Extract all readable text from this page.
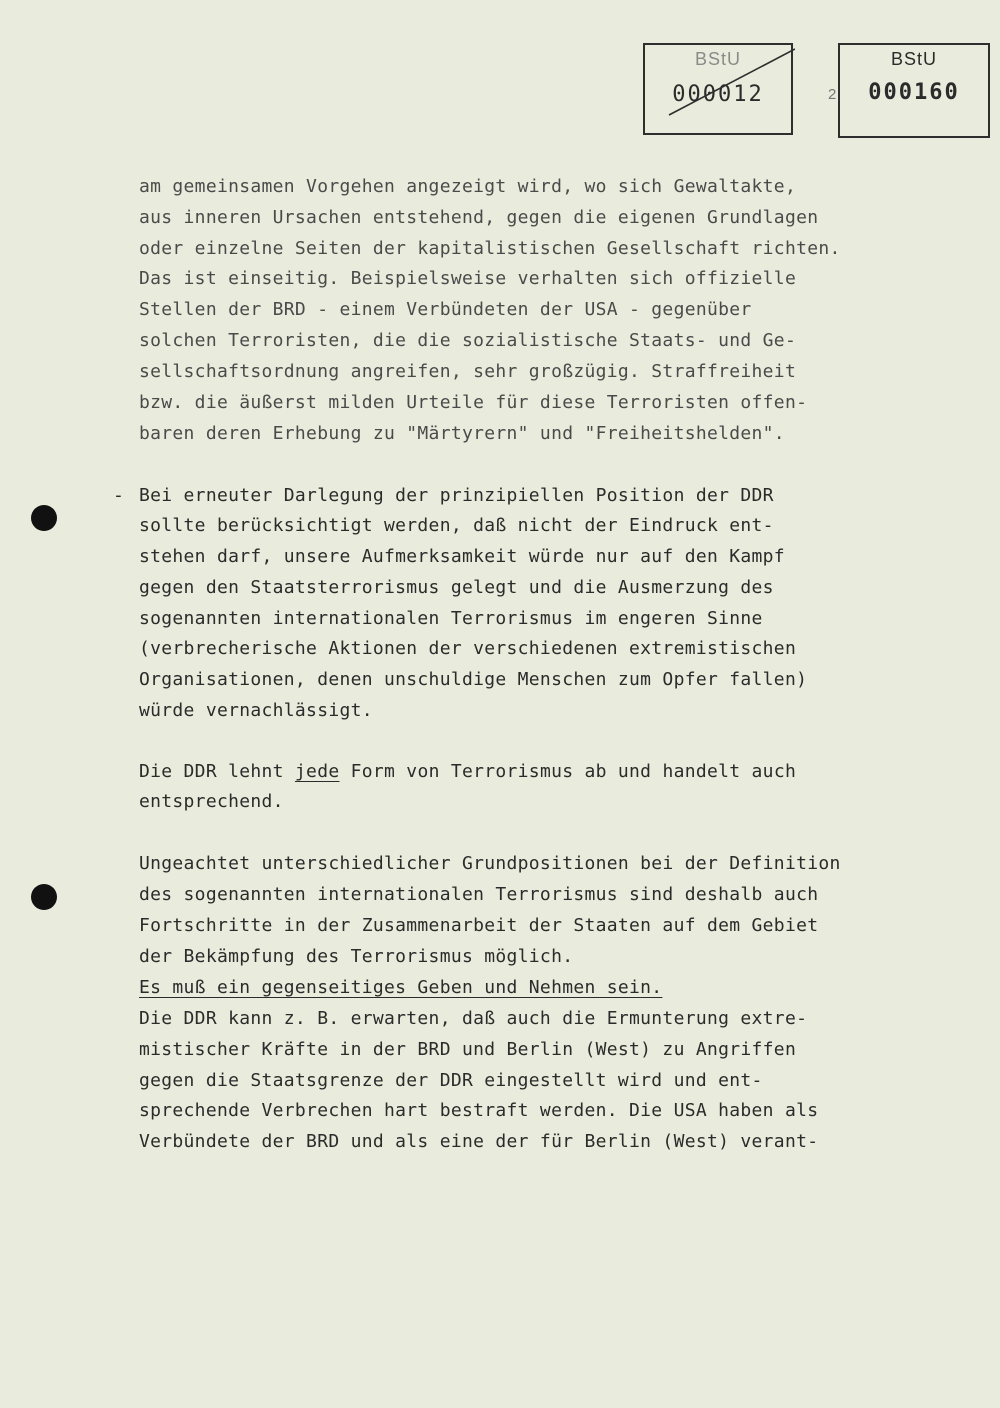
BStU
000012	2
BStU
000160

am gemeinsamen Vorgehen angezeigt wird, wo sich Gewaltakte,

aus inneren Ursachen entstehend, gegen die eigenen Grundlagen

oder einzelne Seiten der kapitalistischen Gesellschaft richten.

Das ist einseitig. Beispielsweise verhalten sich offizielle

Stellen der BRD - einem Verbündeten der USA - gegenüber

solchen Terroristen, die die sozialistische Staats- und Ge-

sellschaftsordnung angreifen, sehr großzügig. Straffreiheit

bzw. die äußerst milden Urteile für diese Terroristen offen-

baren deren Erhebung zu "Märtyrern" und "Freiheitshelden".

- Bei erneuter Darlegung der prinzipiellen Position der DDR

sollte berücksichtigt werden, daß nicht der Eindruck ent-

stehen darf, unsere Aufmerksamkeit würde nur auf den Kampf

gegen den Staatsterrorismus gelegt und die Ausmerzung des

sogenannten internationalen Terrorismus im engeren Sinne

(verbrecherische Aktionen der verschiedenen extremistischen

Organisationen, denen unschuldige Menschen zum Opfer fallen)

würde vernachlässigt.

Die DDR lehnt jede Form von Terrorismus ab und handelt auch

entsprechend.

Ungeachtet unterschiedlicher Grundpositionen bei der Definition

des sogenannten internationalen Terrorismus sind deshalb auch

Fortschritte in der Zusammenarbeit der Staaten auf dem Gebiet

der Bekämpfung des Terrorismus möglich.

Es muß ein gegenseitiges Geben und Nehmen sein.

Die DDR kann z. B. erwarten, daß auch die Ermunterung extre-

mistischer Kräfte in der BRD und Berlin (West) zu Angriffen

gegen die Staatsgrenze der DDR eingestellt wird und ent-

sprechende Verbrechen hart bestraft werden. Die USA haben als

Verbündete der BRD und als eine der für Berlin (West) verant-
